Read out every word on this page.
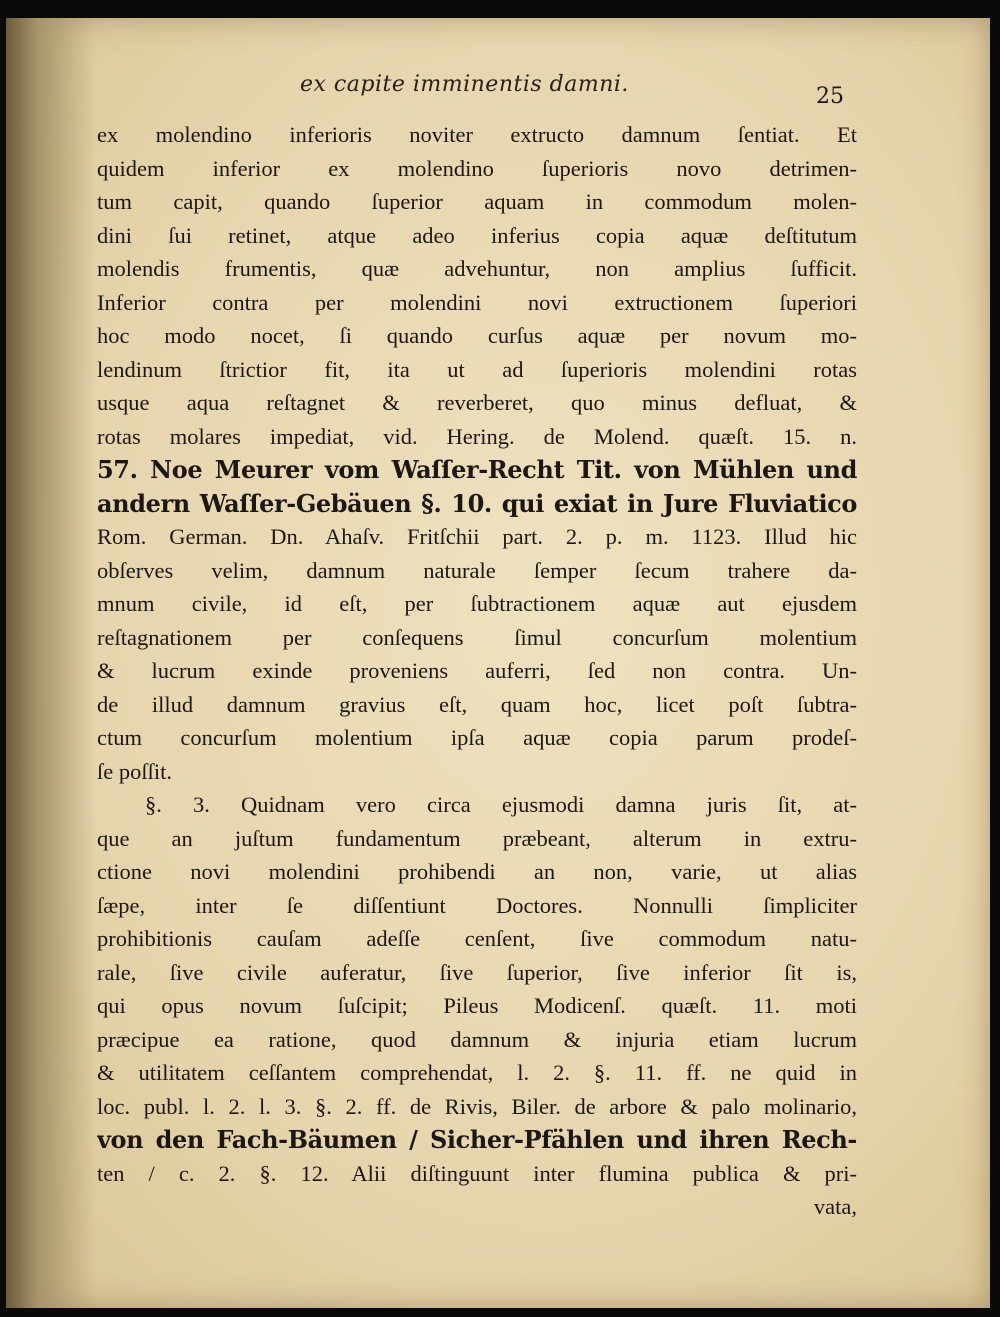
ex capite imminentis damni.	25
ex molendino inferioris noviter extructo damnum ſentiat. Et
quidem inferior ex molendino ſuperioris novo detrimen-
tum capit, quando ſuperior aquam in commodum molen-
dini ſui retinet, atque adeo inferius copia aquæ deſtitutum
molendis frumentis, quæ advehuntur, non amplius ſufficit.
Inferior contra per molendini novi extructionem ſuperiori
hoc modo nocet, ſi quando curſus aquæ per novum mo-
lendinum ſtrictior fit, ita ut ad ſuperioris molendini rotas
usque aqua reſtagnet & reverberet, quo minus defluat, &
rotas molares impediat, vid. Hering. de Molend. quæſt. 15. n.
57. Noe Meurer vom Waſſer-Recht Tit. von Mühlen und
andern Waſſer-Gebäuen §. 10. qui exiat in Jure Fluviatico
Rom. German. Dn. Ahaſv. Fritſchii part. 2. p. m. 1123. Illud hic
obſerves velim, damnum naturale ſemper ſecum trahere da-
mnum civile, id eſt, per ſubtractionem aquæ aut ejusdem
reſtagnationem per conſequens ſimul concurſum molentium
& lucrum exinde proveniens auferri, ſed non contra. Un-
de illud damnum gravius eſt, quam hoc, licet poſt ſubtra-
ctum concurſum molentium ipſa aquæ copia parum prodeſ-
ſe poſſit.
§. 3. Quidnam vero circa ejusmodi damna juris ſit, at-
que an juſtum fundamentum præbeant, alterum in extru-
ctione novi molendini prohibendi an non, varie, ut alias
ſæpe, inter ſe diſſentiunt Doctores. Nonnulli ſimpliciter
prohibitionis cauſam adeſſe cenſent, ſive commodum natu-
rale, ſive civile auferatur, ſive ſuperior, ſive inferior ſit is,
qui opus novum ſuſcipit; Pileus Modicenſ. quæſt. 11. moti
præcipue ea ratione, quod damnum & injuria etiam lucrum
& utilitatem ceſſantem comprehendat, l. 2. §. 11. ff. ne quid in
loc. publ. l. 2. l. 3. §. 2. ff. de Rivis, Biler. de arbore & palo molinario,
von den Fach-Bäumen / Sicher-Pfählen und ihren Rech-
ten / c. 2. §. 12. Alii diſtinguunt inter flumina publica & pri-
vata,
